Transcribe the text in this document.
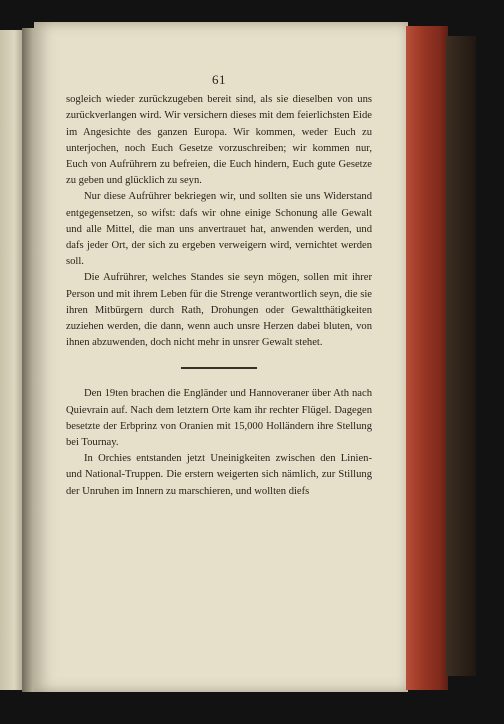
61

sogleich wieder zurückzugeben bereit sind, als sie dieselben von uns zurückverlangen wird. Wir versichern dieses mit dem feierlichsten Eide im Angesichte des ganzen Europa. Wir kommen, weder Euch zu unterjochen, noch Euch Gesetze vorzuschreiben; wir kommen nur, Euch von Aufrührern zu befreien, die Euch hindern, Euch gute Gesetze zu geben und glücklich zu seyn.

Nur diese Aufrührer bekriegen wir, und sollten sie uns Widerstand entgegensetzen, so wifst: dafs wir ohne einige Schonung alle Gewalt und alle Mittel, die man uns anvertrauet hat, anwenden werden, und dafs jeder Ort, der sich zu ergeben verweigern wird, vernichtet werden soll.

Die Aufrührer, welches Standes sie seyn mögen, sollen mit ihrer Person und mit ihrem Leben für die Strenge verantwortlich seyn, die sie ihren Mitbürgern durch Rath, Drohungen oder Gewaltthätigkeiten zuziehen werden, die dann, wenn auch unsre Herzen dabei bluten, von ihnen abzuwenden, doch nicht mehr in unsrer Gewalt stehet.

Den 19ten brachen die Engländer und Hannoveraner über Ath nach Quievrain auf. Nach dem letztern Orte kam ihr rechter Flügel. Dagegen besetzte der Erbprinz von Oranien mit 15,000 Holländern ihre Stellung bei Tournay.

In Orchies entstanden jetzt Uneinigkeiten zwischen den Linien- und National-Truppen. Die erstern weigerten sich nämlich, zur Stillung der Unruhen im Innern zu marschieren, und wollten diefs
